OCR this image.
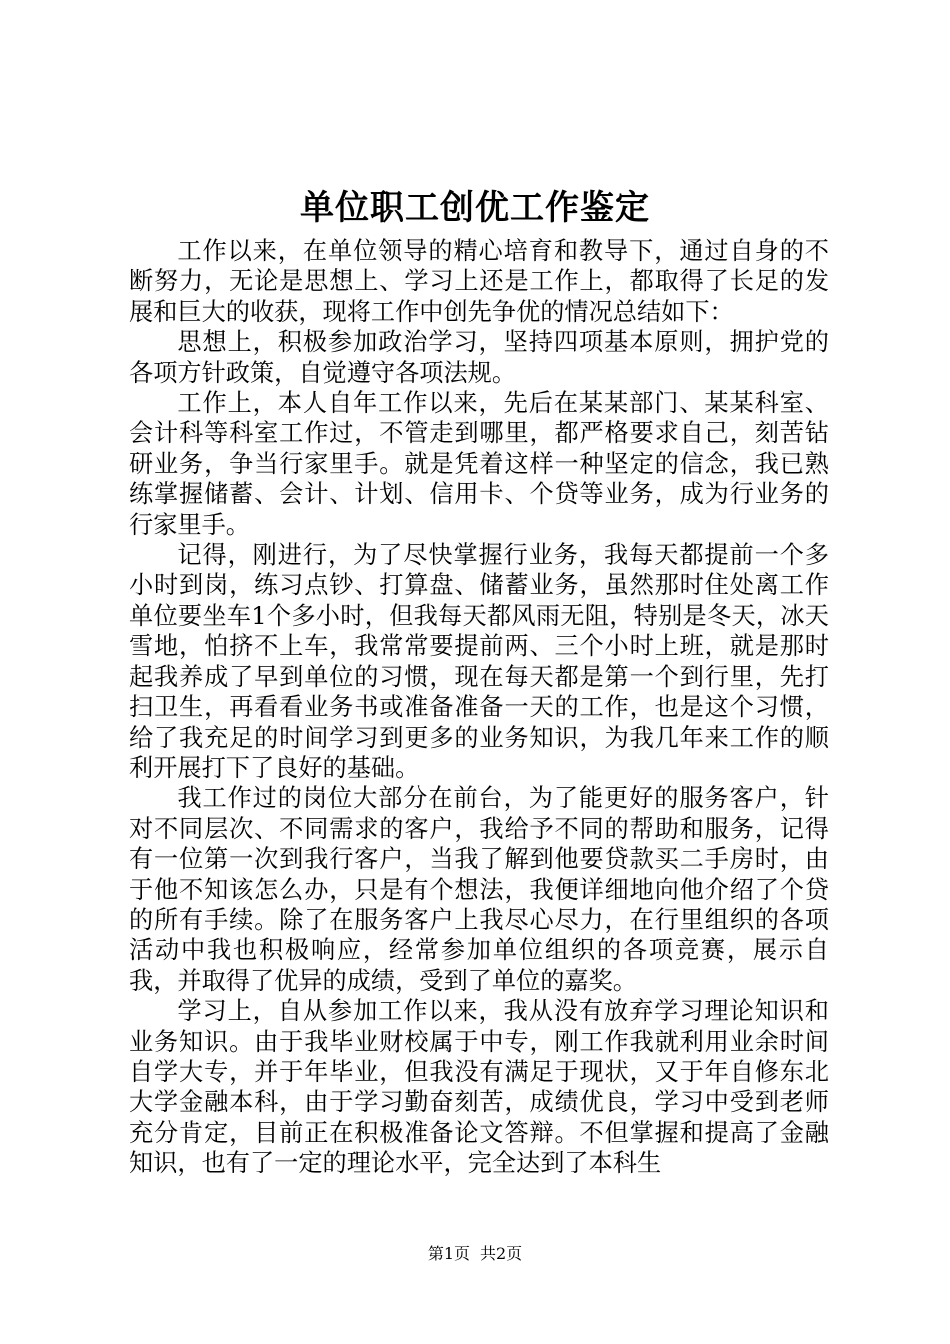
单位职工创优工作鉴定

工作以来，在单位领导的精心培育和教导下，通过自身的不断努力，无论是思想上、学习上还是工作上，都取得了长足的发展和巨大的收获，现将工作中创先争优的情况总结如下：

思想上，积极参加政治学习，坚持四项基本原则，拥护党的各项方针政策，自觉遵守各项法规。

工作上，本人自年工作以来，先后在某某部门、某某科室、会计科等科室工作过，不管走到哪里，都严格要求自己，刻苦钻研业务，争当行家里手。就是凭着这样一种坚定的信念，我已熟练掌握储蓄、会计、计划、信用卡、个贷等业务，成为行业务的行家里手。

记得，刚进行，为了尽快掌握行业务，我每天都提前一个多小时到岗，练习点钞、打算盘、储蓄业务，虽然那时住处离工作单位要坐车1个多小时，但我每天都风雨无阻，特别是冬天，冰天雪地，怕挤不上车，我常常要提前两、三个小时上班，就是那时起我养成了早到单位的习惯，现在每天都是第一个到行里，先打扫卫生，再看看业务书或准备准备一天的工作，也是这个习惯，给了我充足的时间学习到更多的业务知识，为我几年来工作的顺利开展打下了良好的基础。

我工作过的岗位大部分在前台，为了能更好的服务客户，针对不同层次、不同需求的客户，我给予不同的帮助和服务，记得有一位第一次到我行客户，当我了解到他要贷款买二手房时，由于他不知该怎么办，只是有个想法，我便详细地向他介绍了个贷的所有手续。除了在服务客户上我尽心尽力，在行里组织的各项活动中我也积极响应，经常参加单位组织的各项竞赛，展示自我，并取得了优异的成绩，受到了单位的嘉奖。

学习上，自从参加工作以来，我从没有放弃学习理论知识和业务知识。由于我毕业财校属于中专，刚工作我就利用业余时间自学大专，并于年毕业，但我没有满足于现状，又于年自修东北大学金融本科，由于学习勤奋刻苦，成绩优良，学习中受到老师充分肯定，目前正在积极准备论文答辩。不但掌握和提高了金融知识，也有了一定的理论水平，完全达到了本科生

第1页 共2页
